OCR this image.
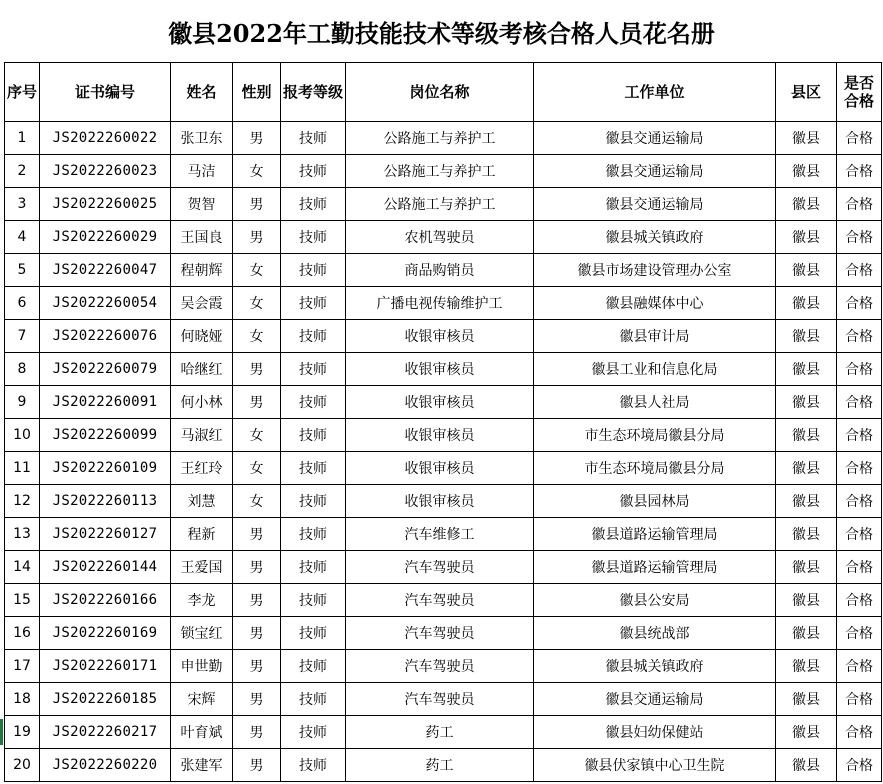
徽县2022年工勤技能技术等级考核合格人员花名册
序号	证书编号	姓名	性别	报考等级	岗位名称	工作单位	县区	是否合格
1	JS2022260022	张卫东	男	技师	公路施工与养护工	徽县交通运输局	徽县	合格
2	JS2022260023	马洁	女	技师	公路施工与养护工	徽县交通运输局	徽县	合格
3	JS2022260025	贺智	男	技师	公路施工与养护工	徽县交通运输局	徽县	合格
4	JS2022260029	王国良	男	技师	农机驾驶员	徽县城关镇政府	徽县	合格
5	JS2022260047	程朝辉	女	技师	商品购销员	徽县市场建设管理办公室	徽县	合格
6	JS2022260054	吴会霞	女	技师	广播电视传输维护工	徽县融媒体中心	徽县	合格
7	JS2022260076	何晓娅	女	技师	收银审核员	徽县审计局	徽县	合格
8	JS2022260079	哈继红	男	技师	收银审核员	徽县工业和信息化局	徽县	合格
9	JS2022260091	何小林	男	技师	收银审核员	徽县人社局	徽县	合格
10	JS2022260099	马淑红	女	技师	收银审核员	市生态环境局徽县分局	徽县	合格
11	JS2022260109	王红玲	女	技师	收银审核员	市生态环境局徽县分局	徽县	合格
12	JS2022260113	刘慧	女	技师	收银审核员	徽县园林局	徽县	合格
13	JS2022260127	程新	男	技师	汽车维修工	徽县道路运输管理局	徽县	合格
14	JS2022260144	王爱国	男	技师	汽车驾驶员	徽县道路运输管理局	徽县	合格
15	JS2022260166	李龙	男	技师	汽车驾驶员	徽县公安局	徽县	合格
16	JS2022260169	锁宝红	男	技师	汽车驾驶员	徽县统战部	徽县	合格
17	JS2022260171	申世勤	男	技师	汽车驾驶员	徽县城关镇政府	徽县	合格
18	JS2022260185	宋辉	男	技师	汽车驾驶员	徽县交通运输局	徽县	合格
19	JS2022260217	叶育斌	男	技师	药工	徽县妇幼保健站	徽县	合格
20	JS2022260220	张建军	男	技师	药工	徽县伏家镇中心卫生院	徽县	合格
